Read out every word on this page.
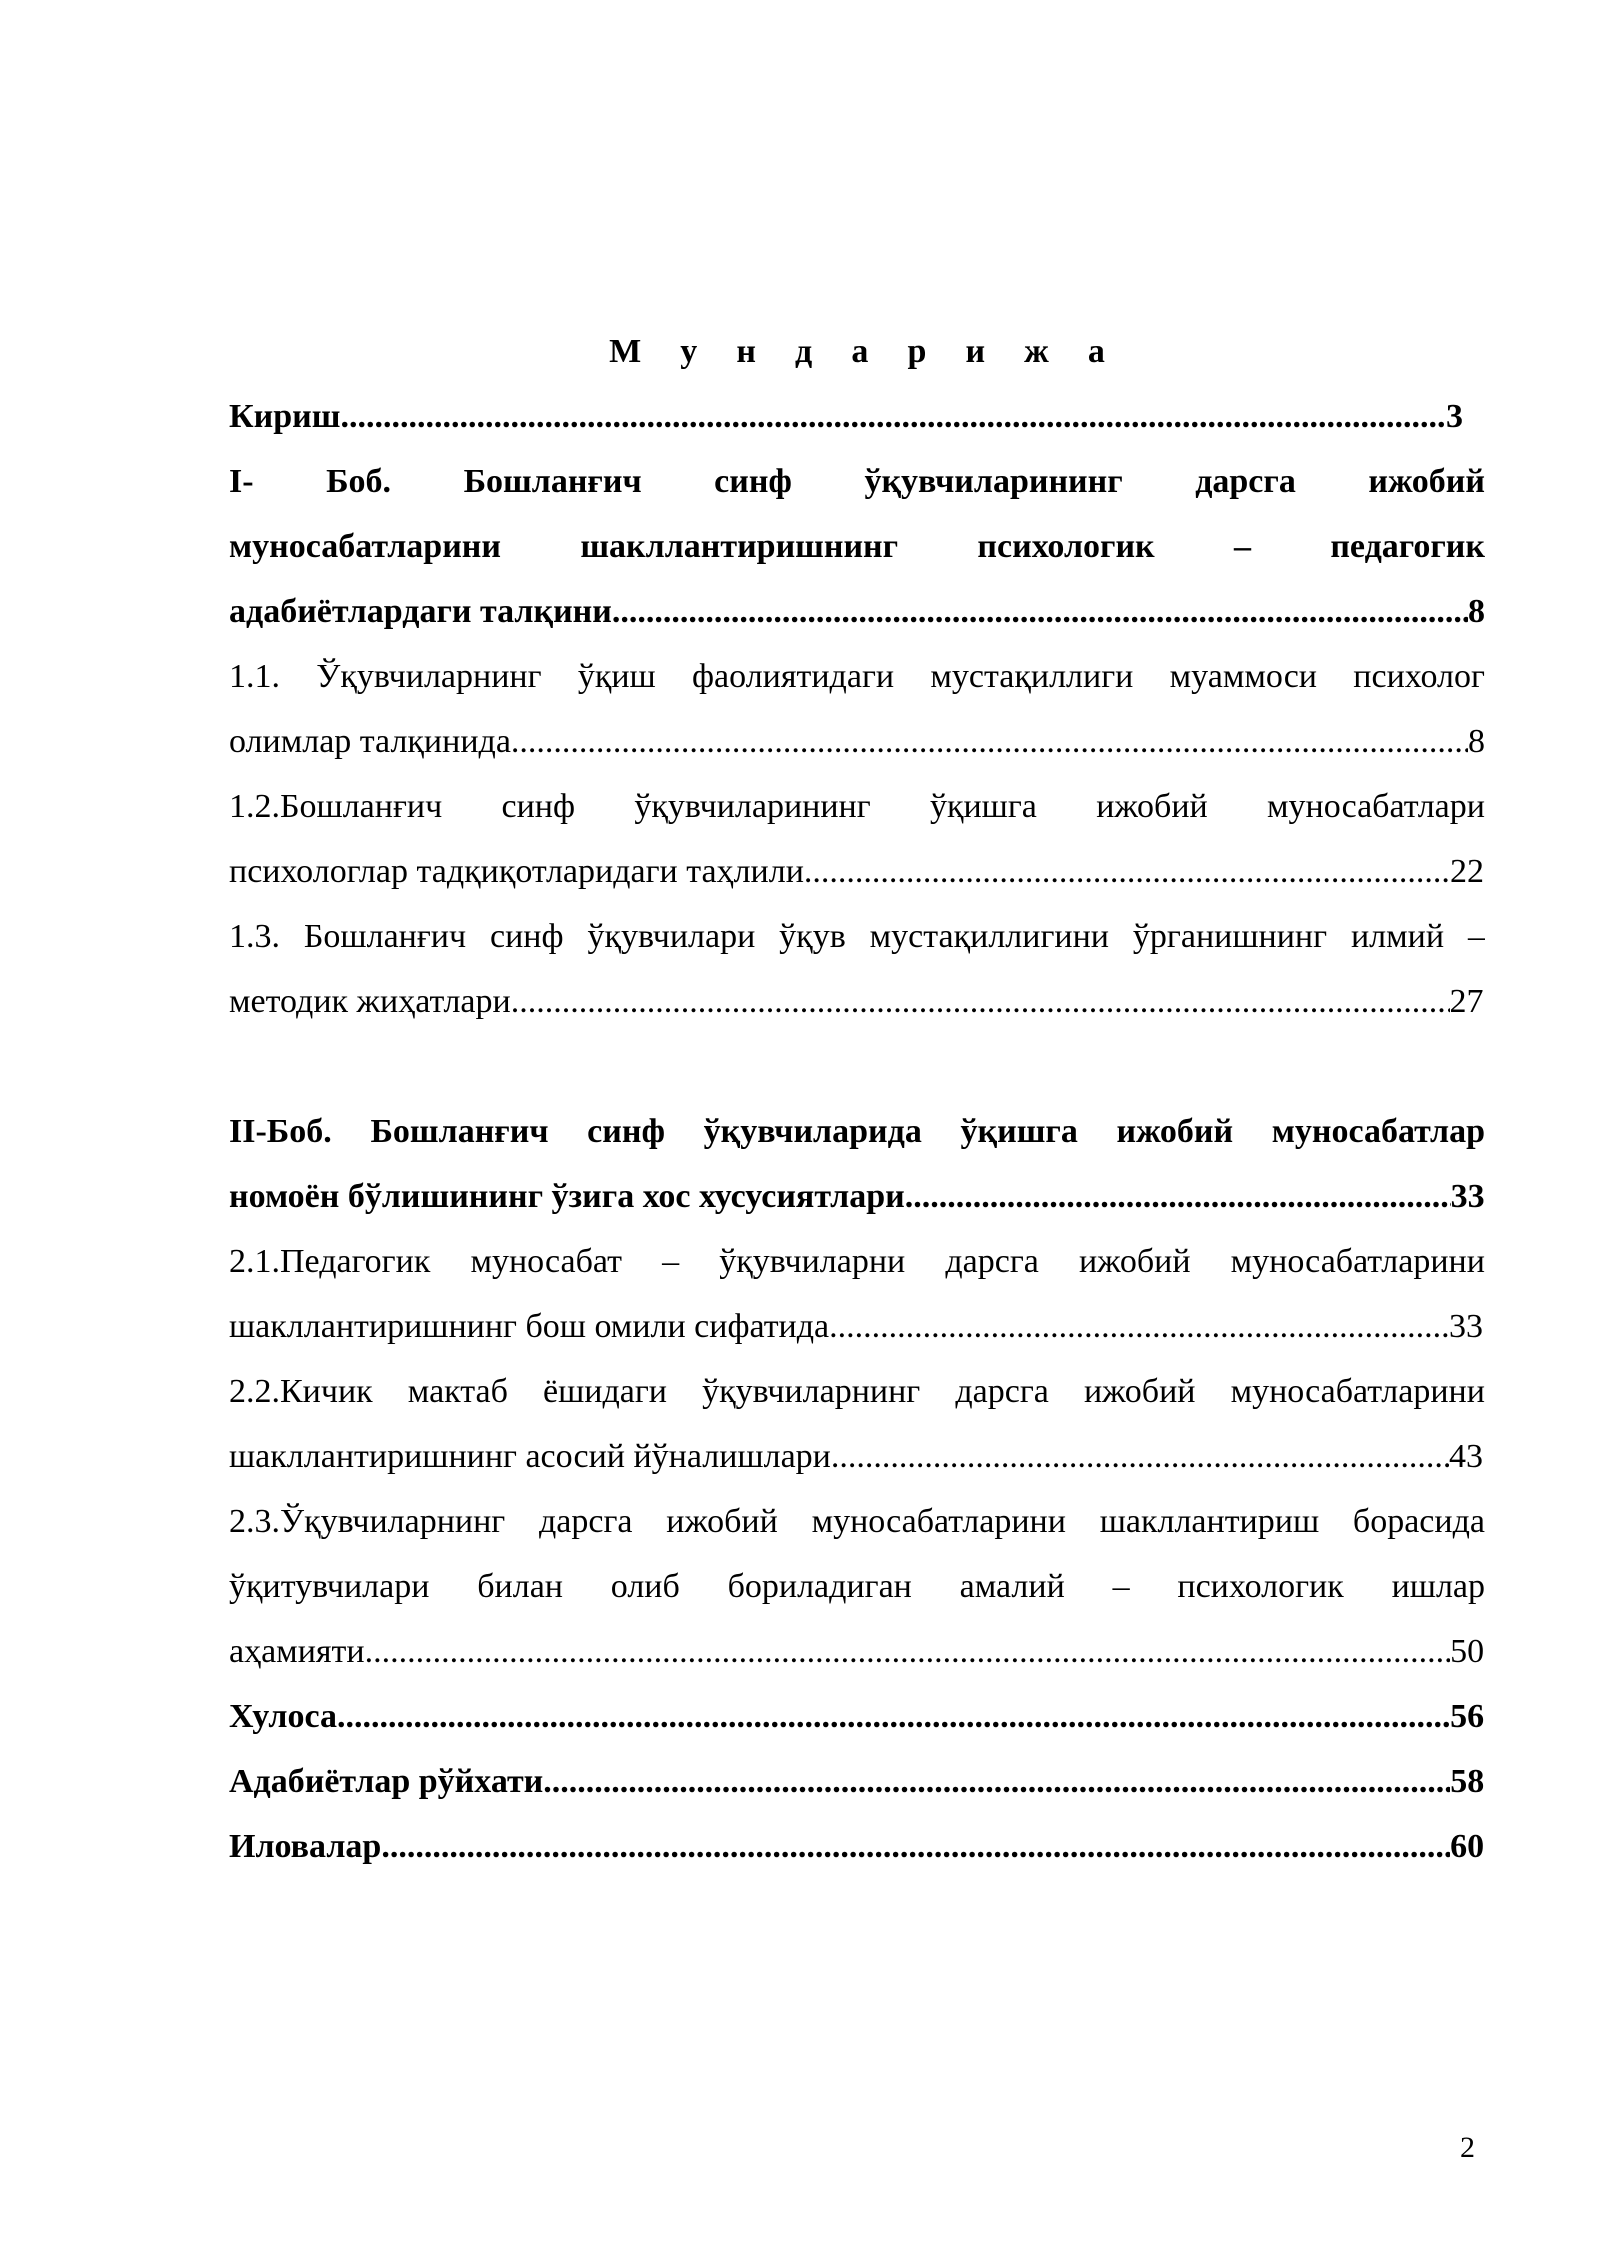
М у н д а р и ж а
Кириш .....	3
I- Боб. Бошланғич синф ўқувчиларининг дарсга ижобий
муносабатларини шакллантиришнинг психологик – педагогик
адабиётлардаги талқини .....	8
1.1. Ўқувчиларнинг ўқиш фаолиятидаги мустақиллиги муаммоси психолог
олимлар талқинида .....	8
1.2.Бошланғич синф ўқувчиларининг ўқишга ижобий муносабатлари
психологлар тадқиқотларидаги таҳлили .....	22
1.3. Бошланғич синф ўқувчилари ўқув мустақиллигини ўрганишнинг илмий –
методик жиҳатлари .....	27
II-Боб. Бошланғич синф ўқувчиларида ўқишга ижобий муносабатлар
номоён бўлишининг ўзига хос хусусиятлари .....	33
2.1.Педагогик муносабат – ўқувчиларни дарсга ижобий муносабатларини
шакллантиришнинг бош омили сифатида .....	33
2.2.Кичик мактаб ёшидаги ўқувчиларнинг дарсга ижобий муносабатларини
шакллантиришнинг асосий йўналишлари .....	43
2.3.Ўқувчиларнинг дарсга ижобий муносабатларини шакллантириш борасида
ўқитувчилари билан олиб бориладиган амалий – психологик ишлар
аҳамияти .....	50
Хулоса .....	56
Адабиётлар рўйхати .....	58
Иловалар .....	60
2
